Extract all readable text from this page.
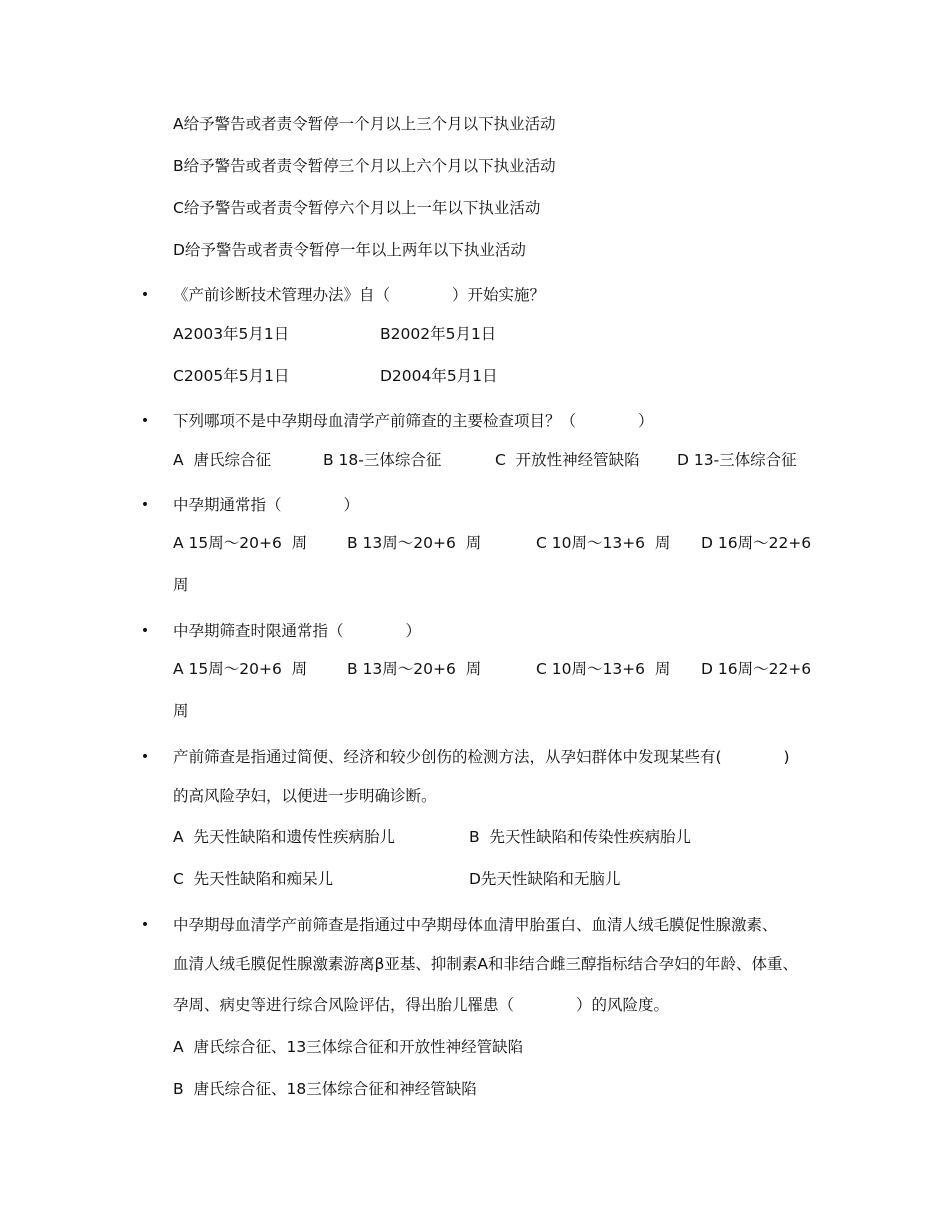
A给予警告或者责令暂停一个月以上三个月以下执业活动
B给予警告或者责令暂停三个月以上六个月以下执业活动
C给予警告或者责令暂停六个月以上一年以下执业活动
D给予警告或者责令暂停一年以上两年以下执业活动
• 《产前诊断技术管理办法》自（　　　　）开始实施？
A2003年5月1日	B2002年5月1日
C2005年5月1日	D2004年5月1日
• 下列哪项不是中孕期母血清学产前筛查的主要检查项目？（　　　　）
A  唐氏综合征	B 18-三体综合征	C  开放性神经管缺陷 D 13-三体综合征
• 中孕期通常指（　　　　）
A 15周～20+6  周	B 13周～20+6  周	C 10周～13+6  周 D 16周～22+6
周
• 中孕期筛查时限通常指（　　　　）
A 15周～20+6  周	B 13周～20+6  周	C 10周～13+6  周 D 16周～22+6
周
• 产前筛查是指通过简便、经济和较少创伤的检测方法，从孕妇群体中发现某些有(　　　　)
的高风险孕妇，以便进一步明确诊断。
A  先天性缺陷和遗传性疾病胎儿	B  先天性缺陷和传染性疾病胎儿
C  先天性缺陷和痴呆儿	D先天性缺陷和无脑儿
• 中孕期母血清学产前筛查是指通过中孕期母体血清甲胎蛋白、血清人绒毛膜促性腺激素、
血清人绒毛膜促性腺激素游离β亚基、抑制素A和非结合雌三醇指标结合孕妇的年龄、体重、
孕周、病史等进行综合风险评估，得出胎儿罹患（　　　　）的风险度。
A  唐氏综合征、13三体综合征和开放性神经管缺陷
B  唐氏综合征、18三体综合征和神经管缺陷
